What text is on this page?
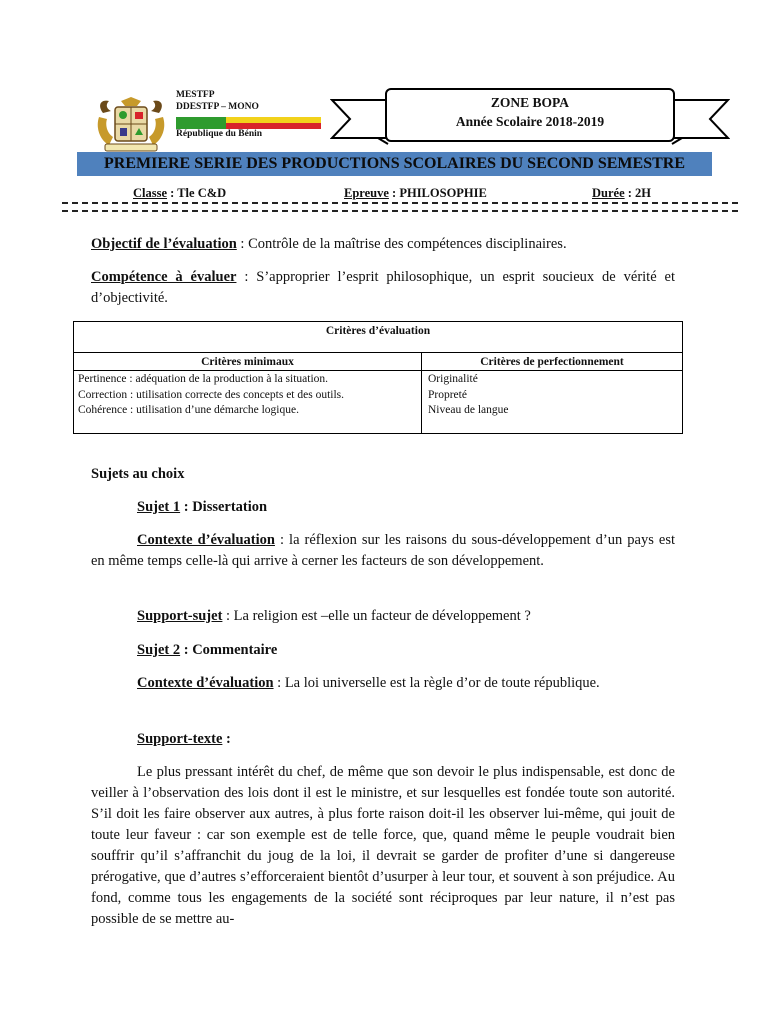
MESTFP
DDESTFP – MONO
République du Bénin
ZONE BOPA
Année Scolaire 2018-2019
PREMIERE SERIE DES PRODUCTIONS SCOLAIRES DU SECOND SEMESTRE
Classe : Tle C&D	Epreuve : PHILOSOPHIE	Durée : 2H
Objectif de l’évaluation : Contrôle de la maîtrise des compétences disciplinaires.
Compétence à évaluer : S’approprier l’esprit philosophique, un esprit soucieux de vérité et d’objectivité.
Critères d’évaluation
Critères minimaux
Pertinence : adéquation de la production à la situation.
Correction : utilisation correcte des concepts et des outils.
Cohérence : utilisation d’une démarche logique.
Critères de perfectionnement
Originalité
Propreté
Niveau de langue
Sujets au choix
Sujet 1 : Dissertation
Contexte d’évaluation : la réflexion sur les raisons du sous-développement d’un pays est en même temps celle-là qui arrive à cerner les facteurs de son développement.
Support-sujet : La religion est –elle un facteur de développement ?
Sujet 2 : Commentaire
Contexte d’évaluation : La loi universelle est la règle d’or de toute république.
Support-texte :
Le plus pressant intérêt du chef, de même que son devoir le plus indispensable, est donc de veiller à l’observation des lois dont il est le ministre, et sur lesquelles est fondée toute son autorité. S’il doit les faire observer aux autres, à plus forte raison doit-il les observer lui-même, qui jouit de toute leur faveur : car son exemple est de telle force, que, quand même le peuple voudrait bien souffrir qu’il s’affranchit du joug de la loi, il devrait se garder de profiter d’une si dangereuse prérogative, que d’autres s’efforceraient bientôt d’usurper à leur tour, et souvent à son préjudice. Au fond, comme tous les engagements de la société sont réciproques par leur nature, il n’est pas possible de se mettre au-
